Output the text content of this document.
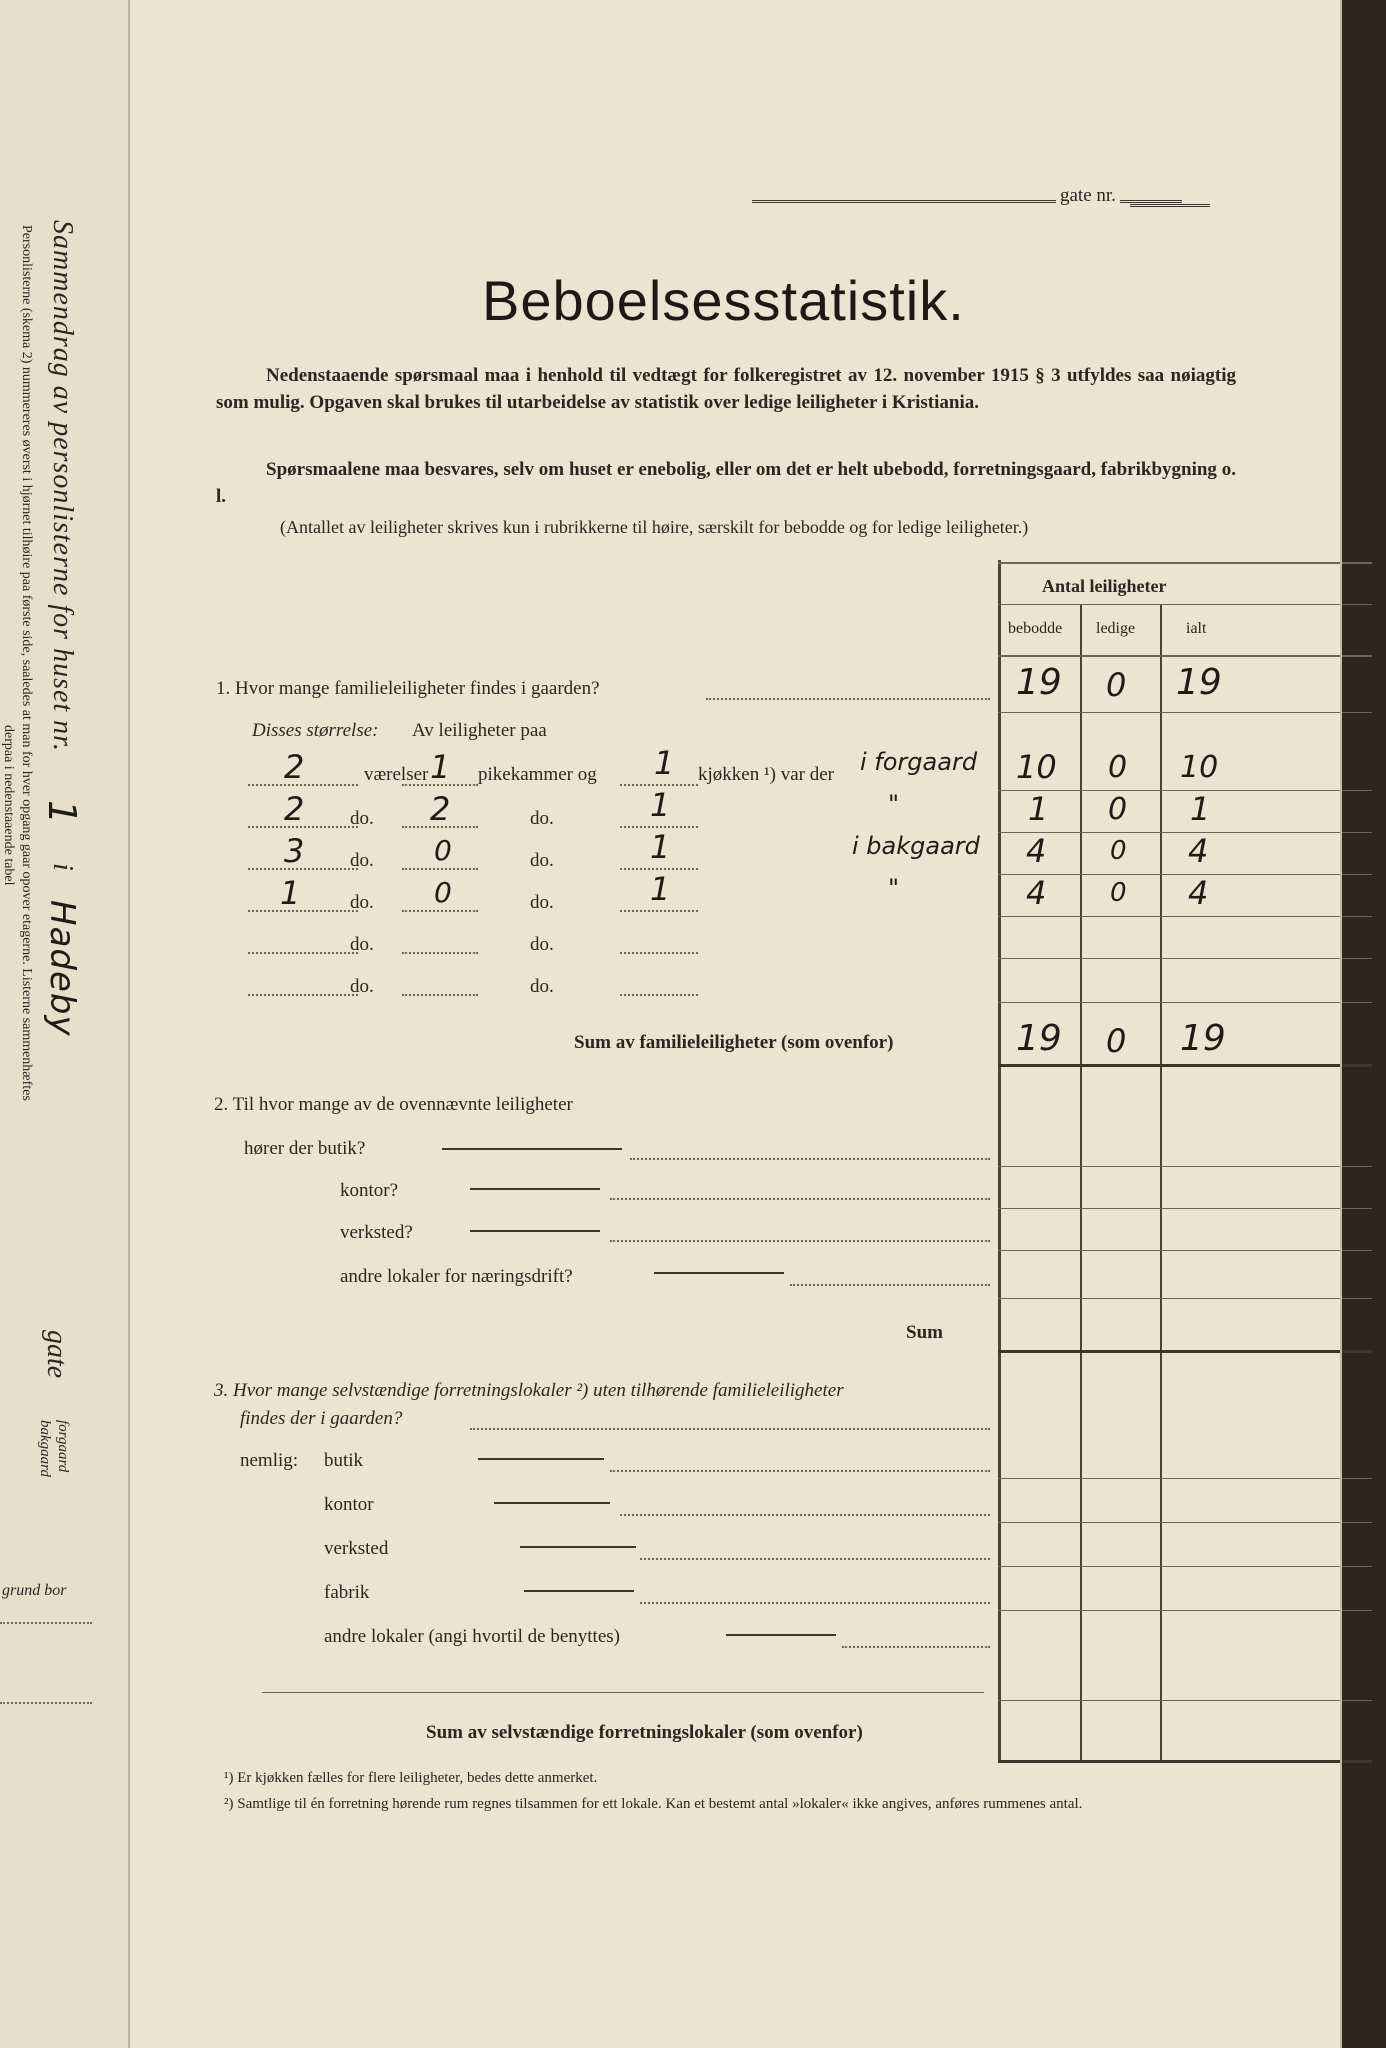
Sammendrag av personlisterne for huset nr. 1 i Hadeby
gate
forgaard
bakgaard
Personlisterne (skema 2) nummereres øverst i hjørnet tilhøire paa første side, saaledes at man for hver opgang gaar opover etagerne. Listerne sammenhæftes
derpaa i nedenstaaende tabel
grund bor
gate nr.
Beboelsesstatistik.
Nedenstaaende spørsmaal maa i henhold til vedtægt for folkeregistret av 12. november 1915 § 3 utfyldes saa nøiagtig som mulig. Opgaven skal brukes til utarbeidelse av statistik over ledige leiligheter i Kristiania.
Spørsmaalene maa besvares, selv om huset er enebolig, eller om det er helt ubebodd, forretningsgaard, fabrikbygning o. l.
(Antallet av leiligheter skrives kun i rubrikkerne til høire, særskilt for bebodde og for ledige leiligheter.)
Antal leiligheter
bebodde ledige	ialt
1. Hvor mange familieleiligheter findes i gaarden?	19 0 19
Disses størrelse: Av leiligheter paa
2	værelser 1 pikekammer og 1 kjøkken ¹) var der i forgaard 10 0 10
2 do. 2	do.	1	"	1 0 1
3 do. 0	do.	1	i bakgaard 4 0 4
1	do. 0	do.	1	"	4 0 4
do.	do.
do.	do.
Sum av familieleiligheter (som ovenfor)	19 0 19
2. Til hvor mange av de ovennævnte leiligheter
hører der butik?
kontor?
verksted?
andre lokaler for næringsdrift?
Sum
3. Hvor mange selvstændige forretningslokaler ²) uten tilhørende familieleiligheter
findes der i gaarden?
nemlig: butik
kontor
verksted
fabrik
andre lokaler (angi hvortil de benyttes)
Sum av selvstændige forretningslokaler (som ovenfor)
¹) Er kjøkken fælles for flere leiligheter, bedes dette anmerket.
²) Samtlige til én forretning hørende rum regnes tilsammen for ett lokale. Kan et bestemt antal »lokaler« ikke angives, anføres rummenes antal.
